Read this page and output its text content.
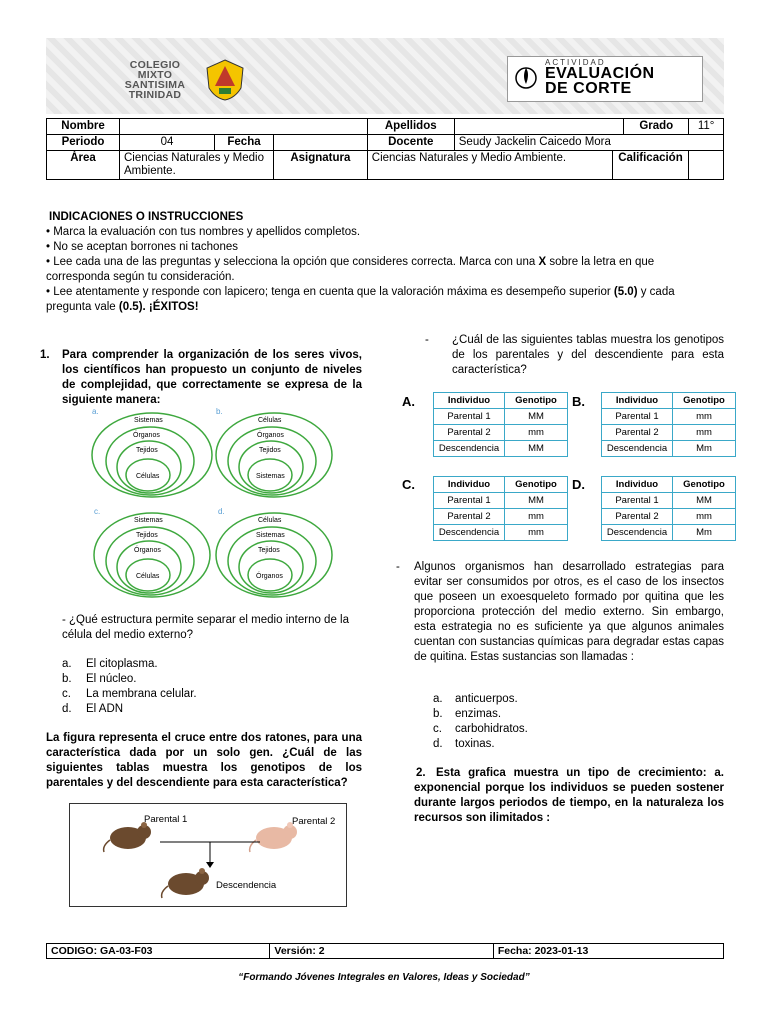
COLEGIO
MIXTO
SANTISIMA
TRINIDAD
ACTIVIDAD
EVALUACIÓN
DE CORTE
Nombre				Apellidos			Grado	11°
Periodo	04	Fecha		Docente	Seudy Jackelin Caicedo Mora			
Área	Ciencias Naturales y Medio Ambiente.		Asignatura	Ciencias Naturales y Medio Ambiente.		Calificación		
INDICACIONES O INSTRUCCIONES
• Marca la evaluación con tus nombres y apellidos completos.
• No se aceptan borrones ni tachones
• Lee cada una de las preguntas y selecciona la opción que consideres correcta. Marca con una X sobre la letra en que corresponda según tu consideración.
• Lee atentamente y responde con lapicero; tenga en cuenta que la valoración máxima es desempeño superior (5.0) y cada pregunta vale (0.5). ¡ÉXITOS!
1. Para comprender la organización de los seres vivos, los científicos han propuesto un conjunto de niveles de complejidad, que correctamente se expresa de la siguiente manera:
a.
Sistemas
Órganos
Tejidos
Células
b.
Células
Órganos
Tejidos
Sistemas
c.
Sistemas
Tejidos
Órganos
Células
d.
Células
Sistemas
Tejidos
Órganos
- ¿Qué estructura permite separar el medio interno de la célula del medio externo?
a. El citoplasma.
b. El núcleo.
c. La membrana celular.
d. El ADN
La figura representa el cruce entre dos ratones, para una característica dada por un solo gen. ¿Cuál de las siguientes tablas muestra los genotipos de los parentales y del descendiente para esta característica?
Parental 1	Parental 2
Descendencia
- ¿Cuál de las siguientes tablas muestra los genotipos de los parentales y del descendiente para esta característica?
A.	Individuo	Genotipo
Parental 1	MM
Parental 2	mm
Descendencia	MM
B.	Individuo	Genotipo
Parental 1	mm
Parental 2	mm
Descendencia	Mm
C.	Individuo	Genotipo
Parental 1	MM
Parental 2	mm
Descendencia	mm
D.	Individuo	Genotipo
Parental 1	MM
Parental 2	mm
Descendencia	Mm
- Algunos organismos han desarrollado estrategias para evitar ser consumidos por otros, es el caso de los insectos que poseen un exoesqueleto formado por quitina que les proporciona protección del medio externo. Sin embargo, esta estrategia no es suficiente ya que algunos animales cuentan con sustancias químicas para degradar estas capas de quitina. Estas sustancias son llamadas :
a. anticuerpos.
b. enzimas.
c. carbohidratos.
d. toxinas.
2. Esta grafica muestra un tipo de crecimiento: a. exponencial porque los individuos se pueden sostener durante largos periodos de tiempo, en la naturaleza los recursos son ilimitados :
CODIGO: GA-03-F03	Versión: 2	Fecha: 2023-01-13
“Formando Jóvenes Integrales en Valores, Ideas y Sociedad”
